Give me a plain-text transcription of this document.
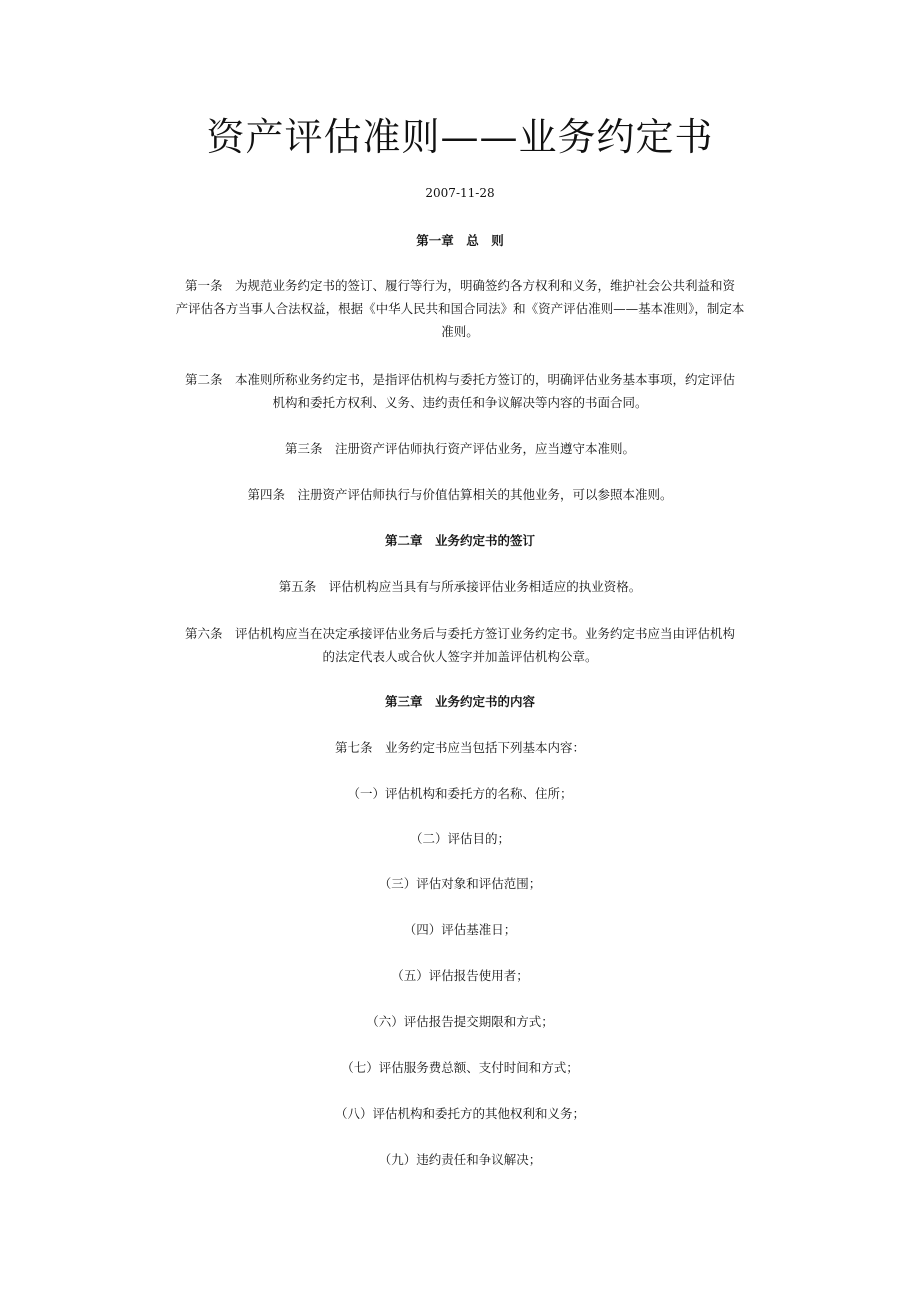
资产评估准则——业务约定书
2007-11-28

第一章　总　则

第一条　为规范业务约定书的签订、履行等行为，明确签约各方权利和义务，维护社会公共利益和资

产评估各方当事人合法权益，根据《中华人民共和国合同法》和《资产评估准则——基本准则》，制定本

准则。

第二条　本准则所称业务约定书，是指评估机构与委托方签订的，明确评估业务基本事项，约定评估

机构和委托方权利、义务、违约责任和争议解决等内容的书面合同。

第三条　注册资产评估师执行资产评估业务，应当遵守本准则。

第四条　注册资产评估师执行与价值估算相关的其他业务，可以参照本准则。

第二章　业务约定书的签订

第五条　评估机构应当具有与所承接评估业务相适应的执业资格。

第六条　评估机构应当在决定承接评估业务后与委托方签订业务约定书。业务约定书应当由评估机构

的法定代表人或合伙人签字并加盖评估机构公章。

第三章　业务约定书的内容

第七条　业务约定书应当包括下列基本内容：

（一）评估机构和委托方的名称、住所；

（二）评估目的；

（三）评估对象和评估范围；

（四）评估基准日；

（五）评估报告使用者；

（六）评估报告提交期限和方式；

（七）评估服务费总额、支付时间和方式；

（八）评估机构和委托方的其他权利和义务；

（九）违约责任和争议解决；
